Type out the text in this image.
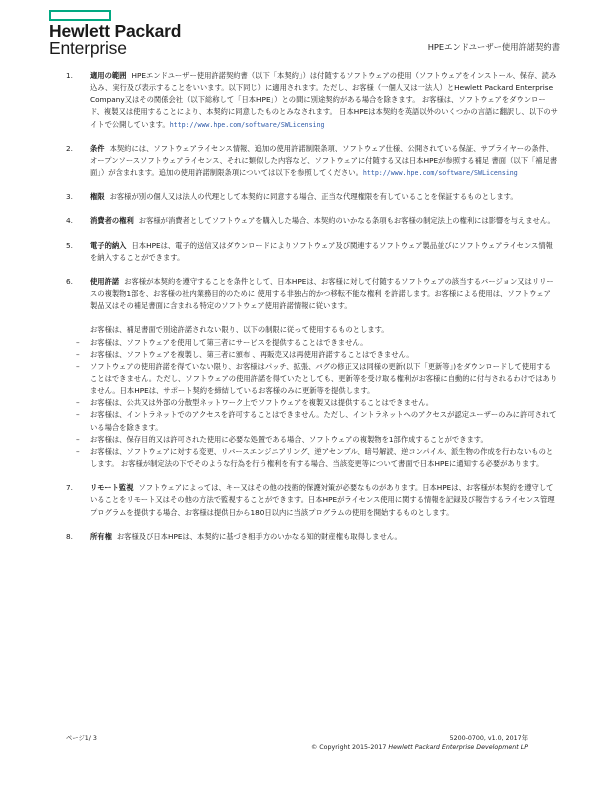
Hewlett Packard
Enterprise	HPEエンドユーザー使用許諾契約書
1. 適用の範囲 HPEエンドユーザー使用許諾契約書（以下「本契約」）は付随するソフトウェアの使用（ソフトウェアをインストール、保存、読み込み、実行及び表示することをいいます。以下同じ）に適用されます。ただし、お客様（一個人又は一法人）とHewlett Packard Enterprise Company又はその関係会社（以下総称して「日本HPE」）との間に別途契約がある場合を除きます。 お客様は、ソフトウェアをダウンロード、複製又は使用することにより、本契約に同意したものとみなされます。 日本HPEは本契約を英語以外のいくつかの言語に翻訳し、以下のサイトで公開しています。http://www.hpe.com/software/SWLicensing
2. 条件 本契約には、ソフトウェアライセンス情報、追加の使用許諾制限条項、ソフトウェア仕様、公開されている保証、サプライヤーの条件、オープンソースソフトウェアライセンス、それに類似した内容など、ソフトウェアに付随する又は日本HPEが参照する補足 書面（以下「補足書面」）が含まれます。追加の使用許諾制限条項については以下を参照してください。http://www.hpe.com/software/SWLicensing
3. 権限 お客様が別の個人又は法人の代理として本契約に同意する場合、正当な代理権限を有していることを保証するものとします。
4. 消費者の権利 お客様が消費者としてソフトウェアを購入した場合、本契約のいかなる条項もお客様の制定法上の権利には影響を与えません。
5. 電子的納入 日本HPEは、電子的送信又はダウンロードによりソフトウェア及び関連するソフトウェア製品並びにソフトウェアライセンス情報を納入することができます。
6. 使用許諾 お客様が本契約を遵守することを条件として、日本HPEは、お客様に対して付随するソフトウェアの該当するバージョン又はリリースの複製物1部を、お客様の社内業務目的のために 使用する非独占的かつ移転不能な権利 を許諾します。お客様による使用は、ソフトウェア製品又はその補足書面に含まれる特定のソフトウェア使用許諾情報に従います。
お客様は、補足書面で別途許諾されない限り、以下の制限に従って使用するものとします。
– お客様は、ソフトウェアを使用して第三者にサービスを提供することはできません。
– お客様は、ソフトウェアを複製し、第三者に頒布 、再販売又は再使用許諾することはできません。
– ソフトウェアの使用許諾を得ていない限り、お客様はパッチ、拡張、バグの修正又は同様の更新(以下「更新等」)をダウンロードして使用することはできません。ただし、ソフトウェアの使用許諾を得ていたとしても、更新等を受け取る権利がお客様に自動的に付与されるわけではありません。日本HPEは、サポート契約を締結しているお客様のみに更新等を提供します。
– お客様は、公共又は外部の分散型ネットワーク上でソフトウェアを複製又は提供することはできません。
– お客様は、イントラネットでのアクセスを許可することはできません。ただし、イントラネットへのアクセスが認定ユーザーのみに許可されている場合を除きます。
– お客様は、保存目的又は許可された使用に必要な処置である場合、ソフトウェアの複製物を1部作成することができます。
– お客様は、ソフトウェアに対する変更、リバースエンジニアリング、逆アセンブル、暗号解読、逆コンパイル、派生物の作成を行わないものとします。 お客様が制定法の下でそのような行為を行う権利を有する場合、当該変更等について書面で日本HPEに通知する必要があります。
7. リモート監視 ソフトウェアによっては、キー又はその他の技術的保護対策が必要なものがあります。日本HPEは、お客様が本契約を遵守していることをリモート又はその他の方法で監視することができます。日本HPEがライセンス使用に関する情報を記録及び報告するライセンス管理プログラムを提供する場合、お客様は提供日から180日以内に当該プログラムの使用を開始するものとします。
8. 所有権 お客様及び日本HPEは、本契約に基づき相手方のいかなる知的財産権も取得しません。
ページ1/ 3	5200-0700, v1.0, 2017年
© Copyright 2015-2017 Hewlett Packard Enterprise Development LP
